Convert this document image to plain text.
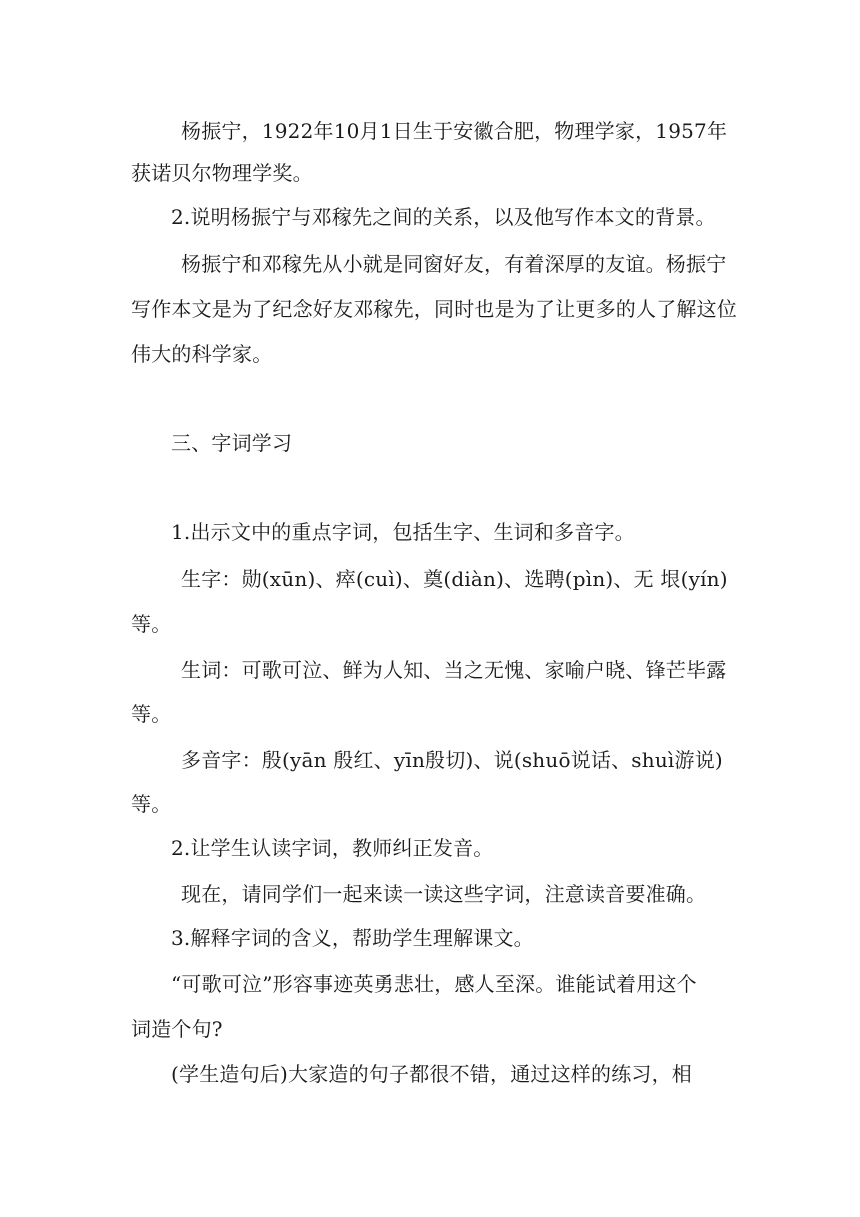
杨振宁，1922年10月1日生于安徽合肥，物理学家，1957年
获诺贝尔物理学奖。
2.说明杨振宁与邓稼先之间的关系，以及他写作本文的背景。
杨振宁和邓稼先从小就是同窗好友，有着深厚的友谊。杨振宁
写作本文是为了纪念好友邓稼先，同时也是为了让更多的人了解这位
伟大的科学家。
三、字词学习
1.出示文中的重点字词，包括生字、生词和多音字。
生字：勋(xūn)、瘁(cuì)、奠(diàn)、选聘(pìn)、无 垠(yín)
等。
生词：可歌可泣、鲜为人知、当之无愧、家喻户晓、锋芒毕露
等。
多音字：殷(yān 殷红、yīn殷切)、说(shuō说话、shuì游说)
等。
2.让学生认读字词，教师纠正发音。
现在，请同学们一起来读一读这些字词，注意读音要准确。
3.解释字词的含义，帮助学生理解课文。
“可歌可泣”形容事迹英勇悲壮，感人至深。谁能试着用这个
词造个句?
(学生造句后)大家造的句子都很不错，通过这样的练习，相
